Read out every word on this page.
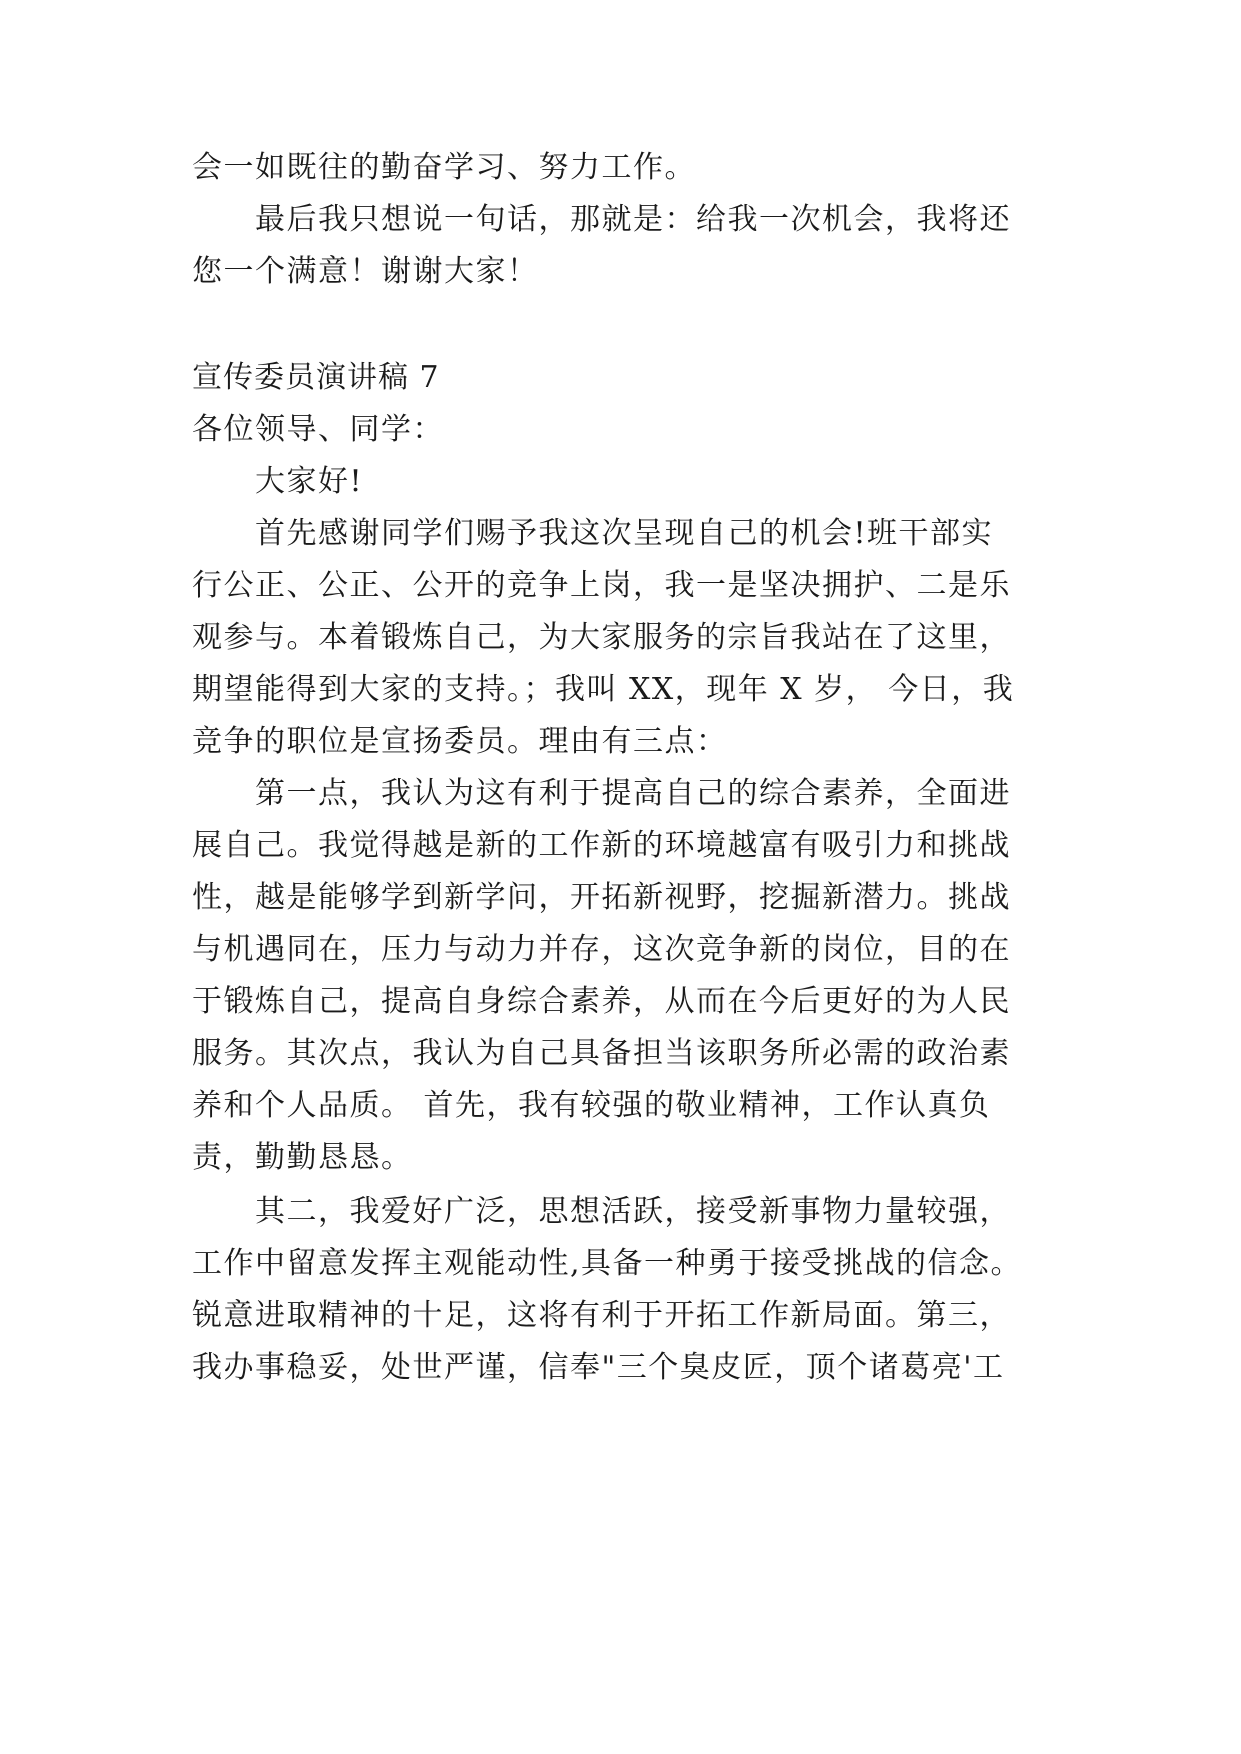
会一如既往的勤奋学习、努力工作。
最后我只想说一句话，那就是：给我一次机会，我将还
您一个满意！谢谢大家！
宣传委员演讲稿 7
各位领导、同学：
大家好!
首先感谢同学们赐予我这次呈现自己的机会!班干部实
行公正、公正、公开的竞争上岗，我一是坚决拥护、二是乐
观参与。本着锻炼自己，为大家服务的宗旨我站在了这里，
期望能得到大家的支持。；我叫 XX，现年 X 岁， 今日，我
竞争的职位是宣扬委员。理由有三点：
第一点，我认为这有利于提高自己的综合素养，全面进
展自己。我觉得越是新的工作新的环境越富有吸引力和挑战
性，越是能够学到新学问，开拓新视野，挖掘新潜力。挑战
与机遇同在，压力与动力并存，这次竞争新的岗位，目的在
于锻炼自己，提高自身综合素养，从而在今后更好的为人民
服务。其次点，我认为自己具备担当该职务所必需的政治素
养和个人品质。 首先，我有较强的敬业精神，工作认真负
责，勤勤恳恳。
其二，我爱好广泛，思想活跃，接受新事物力量较强，
工作中留意发挥主观能动性,具备一种勇于接受挑战的信念。
锐意进取精神的十足，这将有利于开拓工作新局面。第三，
我办事稳妥，处世严谨，信奉"三个臭皮匠，顶个诸葛亮'工
